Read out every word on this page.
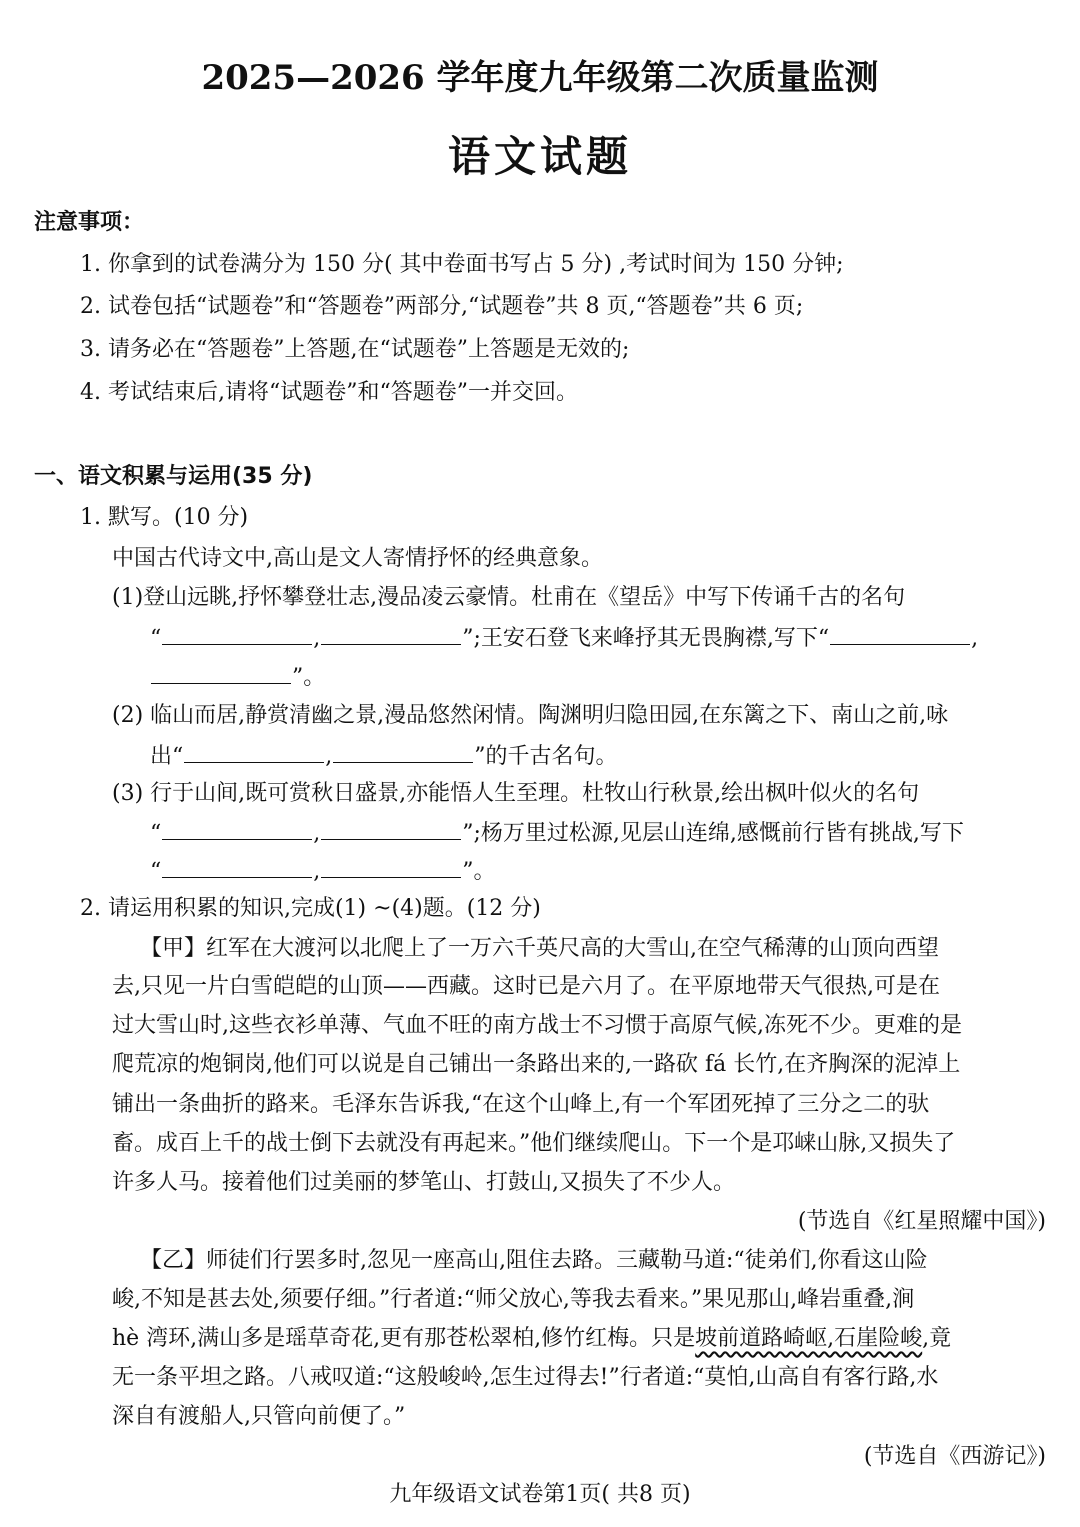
2025—2026 学年度九年级第二次质量监测
语文试题
注意事项：
1. 你拿到的试卷满分为 150 分( 其中卷面书写占 5 分) ,考试时间为 150 分钟;
2. 试卷包括“试题卷”和“答题卷”两部分,“试题卷”共 8 页,“答题卷”共 6 页;
3. 请务必在“答题卷”上答题,在“试题卷”上答题是无效的;
4. 考试结束后,请将“试题卷”和“答题卷”一并交回。
一、语文积累与运用(35 分)
1. 默写。(10 分)
中国古代诗文中,高山是文人寄情抒怀的经典意象。
(1)登山远眺,抒怀攀登壮志,漫品凌云豪情。杜甫在《望岳》中写下传诵千古的名句
“	,	”;王安石登飞来峰抒其无畏胸襟,写下“	,
”。
(2) 临山而居,静赏清幽之景,漫品悠然闲情。陶渊明归隐田园,在东篱之下、南山之前,咏
出“	,	”的千古名句。
(3) 行于山间,既可赏秋日盛景,亦能悟人生至理。杜牧山行秋景,绘出枫叶似火的名句
“	,	”;杨万里过松源,见层山连绵,感慨前行皆有挑战,写下
“	,	”。
2. 请运用积累的知识,完成(1) ~(4)题。(12 分)
【甲】红军在大渡河以北爬上了一万六千英尺高的大雪山,在空气稀薄的山顶向西望
去,只见一片白雪皑皑的山顶——西藏。这时已是六月了。在平原地带天气很热,可是在
过大雪山时,这些衣衫单薄、气血不旺的南方战士不习惯于高原气候,冻死不少。更难的是
爬荒凉的炮铜岗,他们可以说是自己铺出一条路出来的,一路砍 fá 长竹,在齐胸深的泥淖上
铺出一条曲折的路来。毛泽东告诉我,“在这个山峰上,有一个军团死掉了三分之二的驮
畜。成百上千的战士倒下去就没有再起来。”他们继续爬山。下一个是邛崃山脉,又损失了
许多人马。接着他们过美丽的梦笔山、打鼓山,又损失了不少人。
(节选自《红星照耀中国》)
【乙】师徒们行罢多时,忽见一座高山,阻住去路。三藏勒马道:“徒弟们,你看这山险
峻,不知是甚去处,须要仔细。”行者道:“师父放心,等我去看来。”果见那山,峰岩重叠,涧
hè 湾环,满山多是瑶草奇花,更有那苍松翠柏,修竹红梅。只是坡前道路崎岖,石崖险峻,竟
无一条平坦之路。八戒叹道:“这般峻岭,怎生过得去!”行者道:“莫怕,山高自有客行路,水
深自有渡船人,只管向前便了。”
(节选自《西游记》)
九年级语文试卷第1页( 共8 页)
